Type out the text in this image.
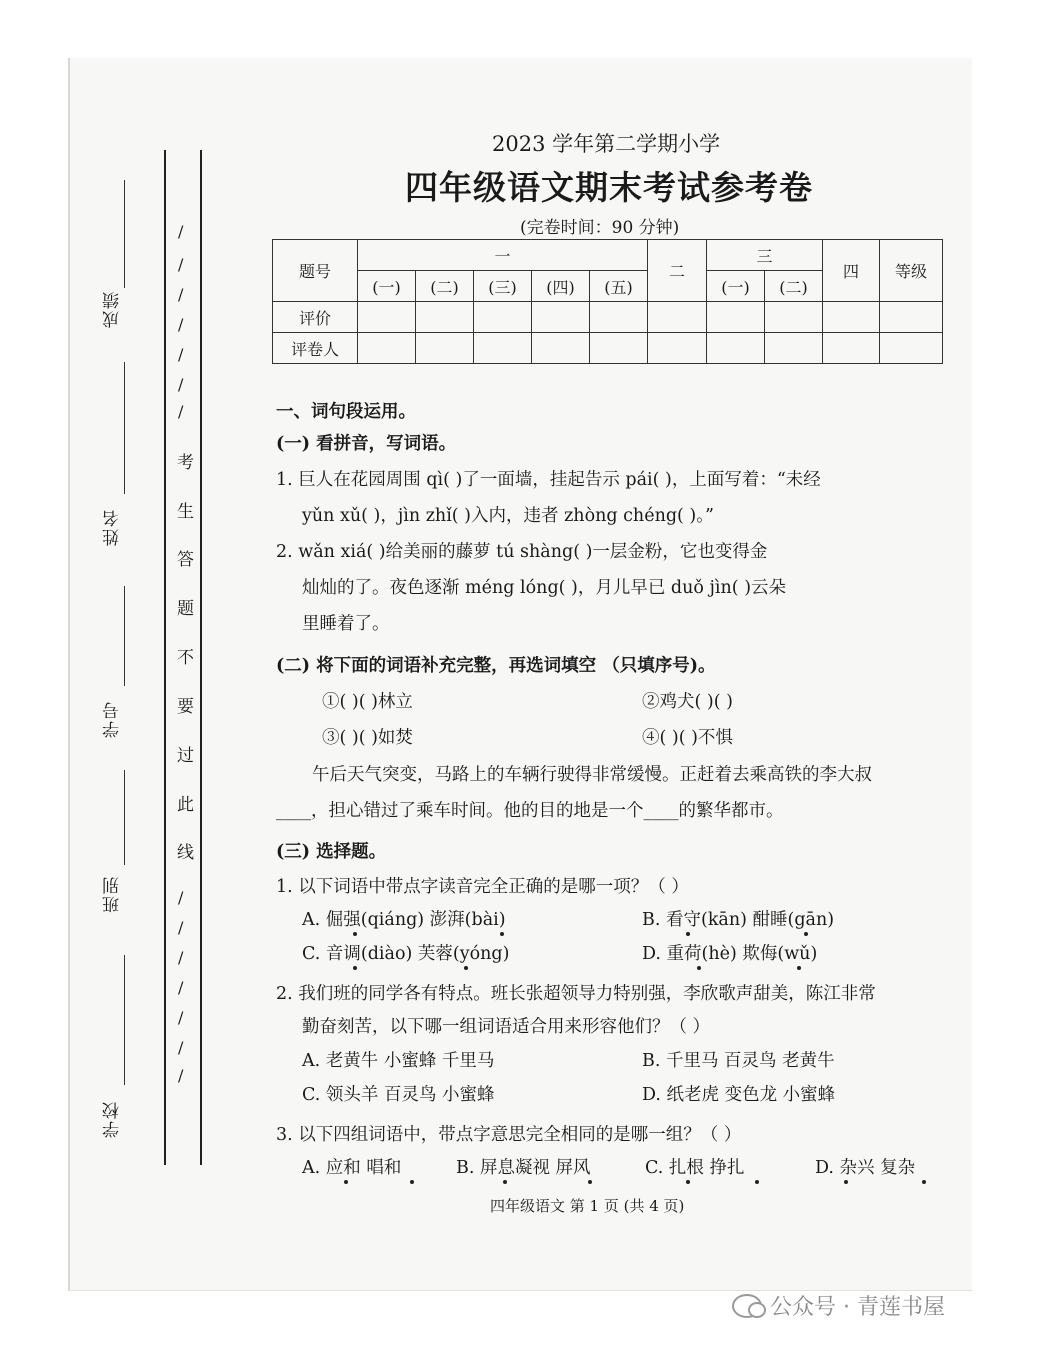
成绩
姓名
学号
班别
学校
/
/
/
/
/
/
/
考
生
答
题
不
要
过
此
线
/
/
/
/
/
/
/
2023 学年第二学期小学
四年级语文期末考试参考卷
(完卷时间：90 分钟)
题号	一					二	三		四	等级
	(一)	(二)	(三)	(四)	(五)		(一)	(二)		
评价										
评卷人										
一、词句段运用。
(一) 看拼音，写词语。
1. 巨人在花园周围 qì( )了一面墙，挂起告示 pái( )，上面写着：“未经
yǔn xǔ( )，jìn zhǐ( )入内，违者 zhòng chéng( )。”
2. wǎn xiá( )给美丽的藤萝 tú shàng( )一层金粉，它也变得金
灿灿的了。夜色逐渐 méng lóng( )，月儿早已 duǒ jìn( )云朵
里睡着了。
(二) 将下面的词语补充完整，再选词填空 （只填序号)。
①( )( )林立	②鸡犬( )( )
③( )( )如焚	④( )( )不惧
午后天气突变，马路上的车辆行驶得非常缓慢。正赶着去乘高铁的李大叔
____，担心错过了乘车时间。他的目的地是一个____的繁华都市。
(三) 选择题。
1. 以下词语中带点字读音完全正确的是哪一项？（ ）
A. 倔强(qiáng) 澎湃(bài)	B. 看守(kān) 酣睡(gān)
C. 音调(diào) 芙蓉(yóng)	D. 重荷(hè) 欺侮(wǔ)
2. 我们班的同学各有特点。班长张超领导力特别强，李欣歌声甜美，陈江非常
勤奋刻苦，以下哪一组词语适合用来形容他们？（ ）
A. 老黄牛 小蜜蜂 千里马	B. 千里马 百灵鸟 老黄牛
C. 领头羊 百灵鸟 小蜜蜂	D. 纸老虎 变色龙 小蜜蜂
3. 以下四组词语中，带点字意思完全相同的是哪一组？（ ）
A. 应和 唱和	B. 屏息凝视 屏风	C. 扎根 挣扎	D. 杂兴 复杂
四年级语文 第 1 页 (共 4 页)
公众号 · 青莲书屋
